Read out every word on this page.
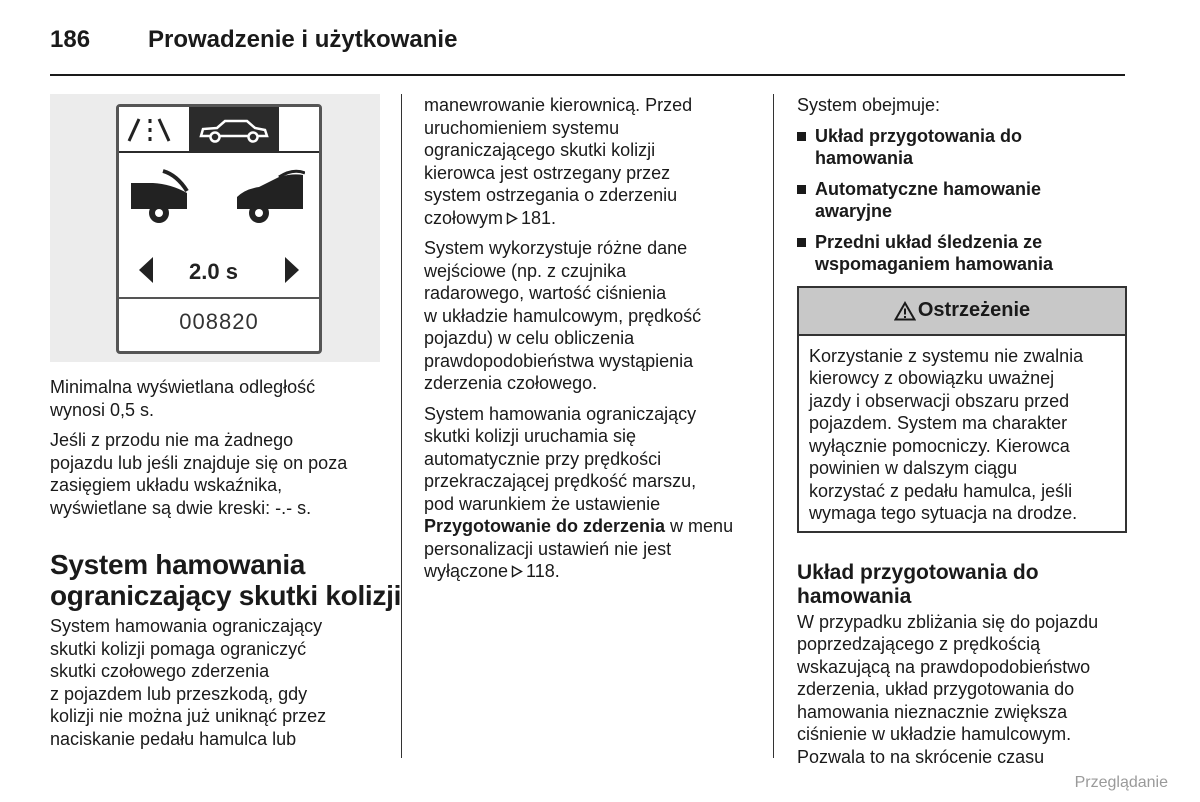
186 Prowadzenie i użytkowanie
2.0 s
008820

Minimalna wyświetlana odległość
wynosi 0,5 s.

Jeśli z przodu nie ma żadnego
pojazdu lub jeśli znajduje się on poza
zasięgiem układu wskaźnika,
wyświetlane są dwie kreski: -.- s.

System hamowania
ograniczający skutki kolizji

System hamowania ograniczający
skutki kolizji pomaga ograniczyć
skutki czołowego zderzenia
z pojazdem lub przeszkodą, gdy
kolizji nie można już uniknąć przez
naciskanie pedału hamulca lub

manewrowanie kierownicą. Przed
uruchomieniem systemu
ograniczającego skutki kolizji
kierowca jest ostrzegany przez
system ostrzegania o zderzeniu
czołowym 181.

System wykorzystuje różne dane
wejściowe (np. z czujnika
radarowego, wartość ciśnienia
w układzie hamulcowym, prędkość
pojazdu) w celu obliczenia
prawdopodobieństwa wystąpienia
zderzenia czołowego.

System hamowania ograniczający
skutki kolizji uruchamia się
automatycznie przy prędkości
przekraczającej prędkość marszu,
pod warunkiem że ustawienie
Przygotowanie do zderzenia w menu
personalizacji ustawień nie jest
wyłączone 118.

System obejmuje:

Układ przygotowania do
hamowania
Automatyczne hamowanie
awaryjne
Przedni układ śledzenia ze
wspomaganiem hamowania
Ostrzeżenie

Korzystanie z systemu nie zwalnia
kierowcy z obowiązku uważnej
jazdy i obserwacji obszaru przed
pojazdem. System ma charakter
wyłącznie pomocniczy. Kierowca
powinien w dalszym ciągu
korzystać z pedału hamulca, jeśli
wymaga tego sytuacja na drodze.

Układ przygotowania do
hamowania

W przypadku zbliżania się do pojazdu
poprzedzającego z prędkością
wskazującą na prawdopodobieństwo
zderzenia, układ przygotowania do
hamowania nieznacznie zwiększa
ciśnienie w układzie hamulcowym.
Pozwala to na skrócenie czasu

Przeglądanie
